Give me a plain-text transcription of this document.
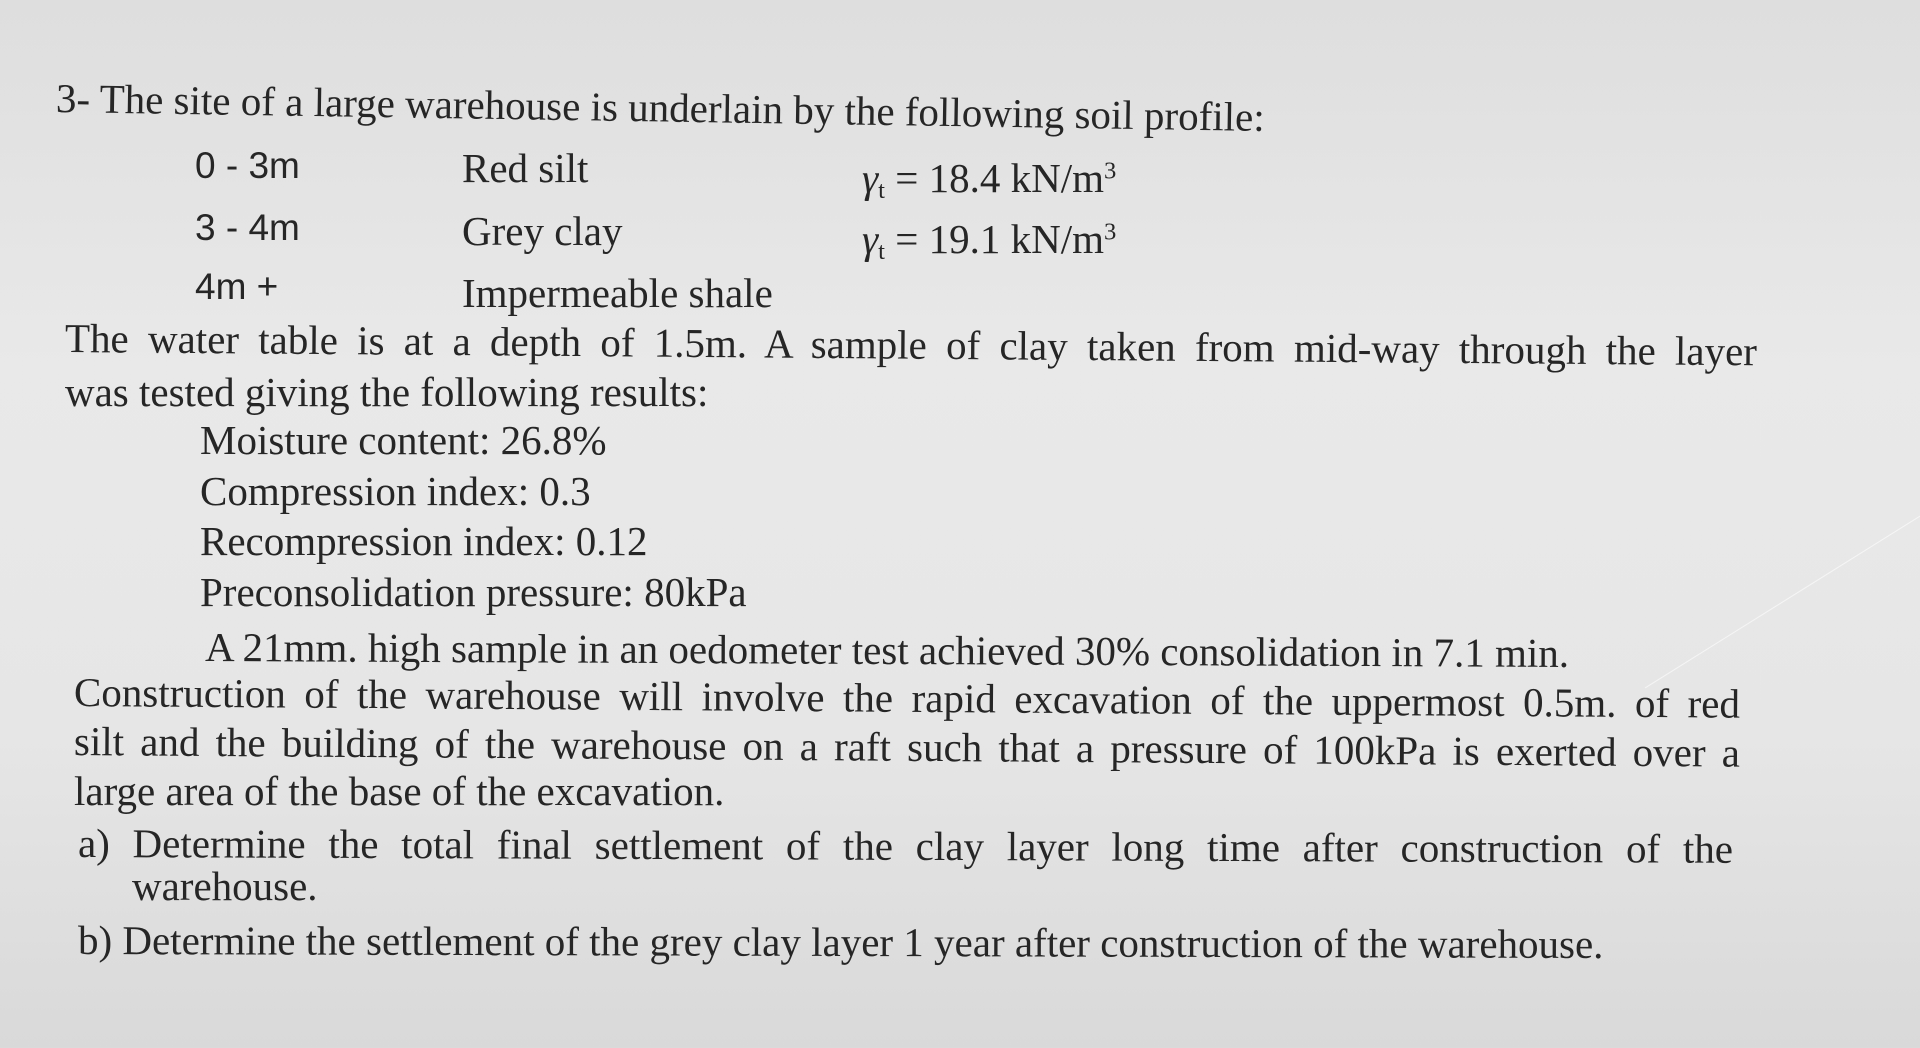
3- The site of a large warehouse is underlain by the following soil profile:
0 - 3m	Red silt	$\gamma_t = 18.4$ $kN/m^3$
3 - 4m	Grey clay	$\gamma_t = 19.1$ $kN/m^3$
4m +	Impermeable shale
The water table is at a depth of 1.5m. A sample of clay taken from mid-way through the layer
was tested giving the following results:
Moisture content: 26.8%
Compression index: 0.3
Recompression index: 0.12
Preconsolidation pressure: 80kPa
A 21mm. high sample in an oedometer test achieved 30% consolidation in 7.1 min.
Construction of the warehouse will involve the rapid excavation of the uppermost 0.5m. of red
silt and the building of the warehouse on a raft such that a pressure of 100kPa is exerted over a
large area of the base of the excavation.
a) Determine the total final settlement of the clay layer long time after construction of the
warehouse.
b) Determine the settlement of the grey clay layer 1 year after construction of the warehouse.
